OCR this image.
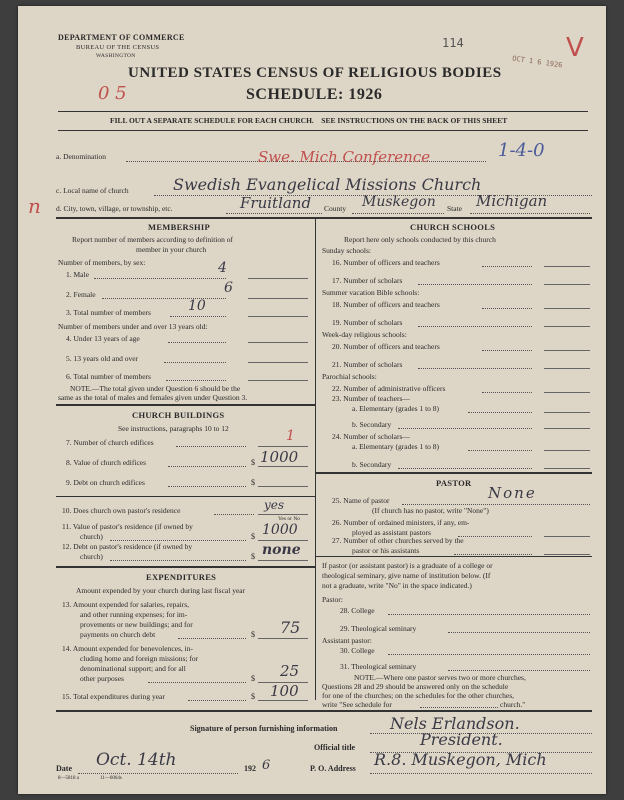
DEPARTMENT OF COMMERCE
BUREAU OF THE CENSUS
WASHINGTON
114
OCT 1 6 1926 V
UNITED STATES CENSUS OF RELIGIOUS BODIES
0 5	SCHEDULE: 1926
FILL OUT A SEPARATE SCHEDULE FOR EACH CHURCH.    SEE INSTRUCTIONS ON THE BACK OF THIS SHEET
a. Denomination	Swe. Mich Conference	1-4-0
c. Local name of church	Swedish Evangelical Missions Church
n d. City, town, village, or township, etc.	Fruitland County Muskegon State Michigan
MEMBERSHIP
Report number of members according to definition of
member in your church
Number of members, by sex:
1. Male	4
2. Female	6
3. Total number of members	10
Number of members under and over 13 years old:
4. Under 13 years of age
5. 13 years old and over
6. Total number of members
NOTE.—The total given under Question 6 should be the
same as the total of males and females given under Question 3.
CHURCH BUILDINGS
See instructions, paragraphs 10 to 12
7. Number of church edifices	1
8. Value of church edifices	$ 1000
9. Debt on church edifices	$
10. Does church own pastor's residence	yes
Yes or No
11. Value of pastor's residence (if owned by
church)	$ 1000
12. Debt on pastor's residence (if owned by
church)	$ none
EXPENDITURES
Amount expended by your church during last fiscal year
13. Amount expended for salaries, repairs,
and other running expenses; for im-
provements or new buildings; and for
payments on church debt	$ 75
14. Amount expended for benevolences, in-
cluding home and foreign missions; for
denominational support; and for all
other purposes	$ 25
15. Total expenditures during year	$ 100
CHURCH SCHOOLS
Report here only schools conducted by this church
Sunday schools:
16. Number of officers and teachers
17. Number of scholars
Summer vacation Bible schools:
18. Number of officers and teachers
19. Number of scholars
Week-day religious schools:
20. Number of officers and teachers
21. Number of scholars
Parochial schools:
22. Number of administrative officers
23. Number of teachers—
a. Elementary (grades 1 to 8)
b. Secondary
24. Number of scholars—
a. Elementary (grades 1 to 8)
b. Secondary
PASTOR
25. Name of pastor	None
(If church has no pastor, write "None")
26. Number of ordained ministers, if any, em-
ployed as assistant pastors
27. Number of other churches served by the
pastor or his assistants
If pastor (or assistant pastor) is a graduate of a college or
theological seminary, give name of institution below. (If
not a graduate, write "No" in the space indicated.)
Pastor:
28. College
29. Theological seminary
Assistant pastor:
30. College
31. Theological seminary
NOTE.—Where one pastor serves two or more churches,
Questions 28 and 29 should be answered only on the schedule
for one of the churches; on the schedules for the other churches,
write "See schedule for	church."
Signature of person furnishing information	Nels Erlandson.
Official title	President.
Date Oct. 14th	192 6	P. O. Address R.8. Muskegon, Mich
8—5818 a	11—6064s
